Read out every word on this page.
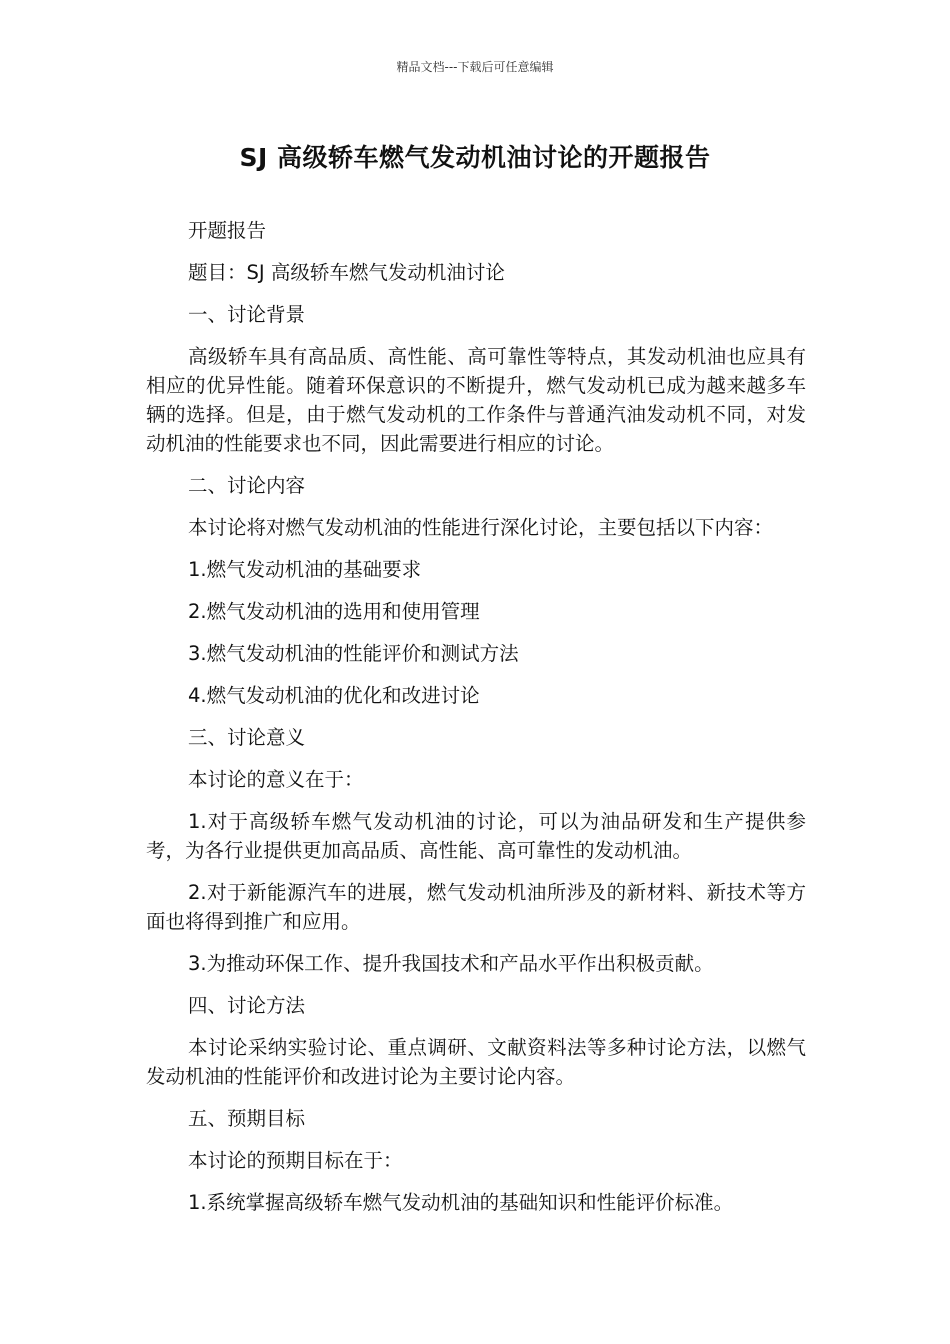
精品文档---下载后可任意编辑
SJ 高级轿车燃气发动机油讨论的开题报告

开题报告

题目：SJ 高级轿车燃气发动机油讨论

一、讨论背景

高级轿车具有高品质、高性能、高可靠性等特点，其发动机油也应具有相应的优异性能。随着环保意识的不断提升，燃气发动机已成为越来越多车辆的选择。但是，由于燃气发动机的工作条件与普通汽油发动机不同，对发动机油的性能要求也不同，因此需要进行相应的讨论。

二、讨论内容

本讨论将对燃气发动机油的性能进行深化讨论，主要包括以下内容：

1.燃气发动机油的基础要求

2.燃气发动机油的选用和使用管理

3.燃气发动机油的性能评价和测试方法

4.燃气发动机油的优化和改进讨论

三、讨论意义

本讨论的意义在于：

1.对于高级轿车燃气发动机油的讨论，可以为油品研发和生产提供参考，为各行业提供更加高品质、高性能、高可靠性的发动机油。

2.对于新能源汽车的进展，燃气发动机油所涉及的新材料、新技术等方面也将得到推广和应用。

3.为推动环保工作、提升我国技术和产品水平作出积极贡献。

四、讨论方法

本讨论采纳实验讨论、重点调研、文献资料法等多种讨论方法，以燃气发动机油的性能评价和改进讨论为主要讨论内容。

五、预期目标

本讨论的预期目标在于：

1.系统掌握高级轿车燃气发动机油的基础知识和性能评价标准。
